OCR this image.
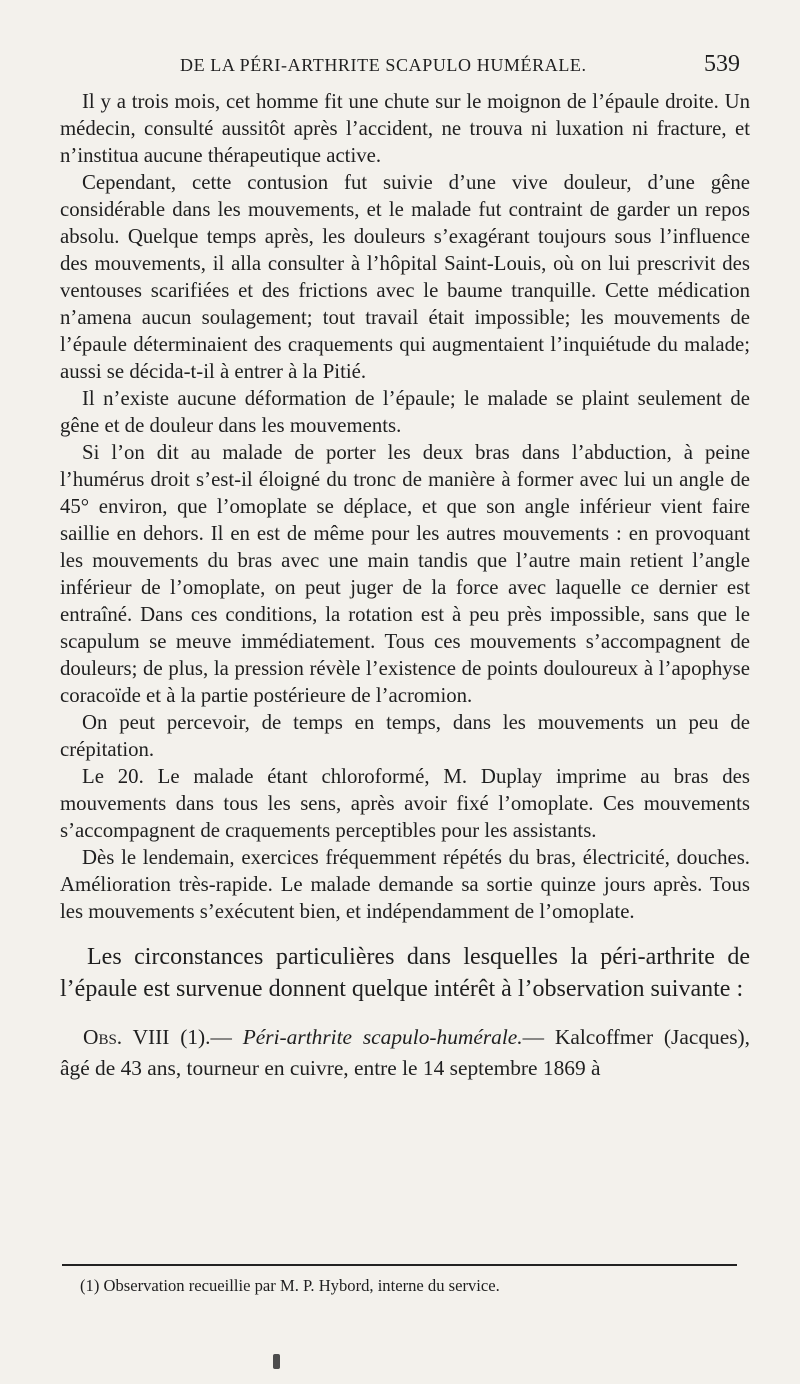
DE LA PÉRI-ARTHRITE SCAPULO HUMÉRALE.	539

Il y a trois mois, cet homme fit une chute sur le moignon de l’épaule droite. Un médecin, consulté aussitôt après l’accident, ne trouva ni luxation ni fracture, et n’institua aucune thérapeutique active.

Cependant, cette contusion fut suivie d’une vive douleur, d’une gêne considérable dans les mouvements, et le malade fut contraint de garder un repos absolu. Quelque temps après, les douleurs s’exagérant toujours sous l’influence des mouvements, il alla consulter à l’hôpital Saint-Louis, où on lui prescrivit des ventouses scarifiées et des frictions avec le baume tranquille. Cette médication n’amena aucun soulagement; tout travail était impossible; les mouvements de l’épaule déterminaient des craquements qui augmentaient l’inquiétude du malade; aussi se décida-t-il à entrer à la Pitié.

Il n’existe aucune déformation de l’épaule; le malade se plaint seulement de gêne et de douleur dans les mouvements.

Si l’on dit au malade de porter les deux bras dans l’abduction, à peine l’humérus droit s’est-il éloigné du tronc de manière à former avec lui un angle de 45° environ, que l’omoplate se déplace, et que son angle inférieur vient faire saillie en dehors. Il en est de même pour les autres mouvements : en provoquant les mouvements du bras avec une main tandis que l’autre main retient l’angle inférieur de l’omoplate, on peut juger de la force avec laquelle ce dernier est entraîné. Dans ces conditions, la rotation est à peu près impossible, sans que le scapulum se meuve immédiatement. Tous ces mouvements s’accompagnent de douleurs; de plus, la pression révèle l’existence de points douloureux à l’apophyse coracoïde et à la partie postérieure de l’acromion.

On peut percevoir, de temps en temps, dans les mouvements un peu de crépitation.

Le 20. Le malade étant chloroformé, M. Duplay imprime au bras des mouvements dans tous les sens, après avoir fixé l’omoplate. Ces mouvements s’accompagnent de craquements perceptibles pour les assistants.

Dès le lendemain, exercices fréquemment répétés du bras, électricité, douches. Amélioration très-rapide. Le malade demande sa sortie quinze jours après. Tous les mouvements s’exécutent bien, et indépendamment de l’omoplate.

Les circonstances particulières dans lesquelles la péri-arthrite de l’épaule est survenue donnent quelque intérêt à l’observation suivante :

Obs. VIII (1).— Péri-arthrite scapulo-humérale.— Kalcoffmer (Jacques), âgé de 43 ans, tourneur en cuivre, entre le 14 septembre 1869 à

(1) Observation recueillie par M. P. Hybord, interne du service.
